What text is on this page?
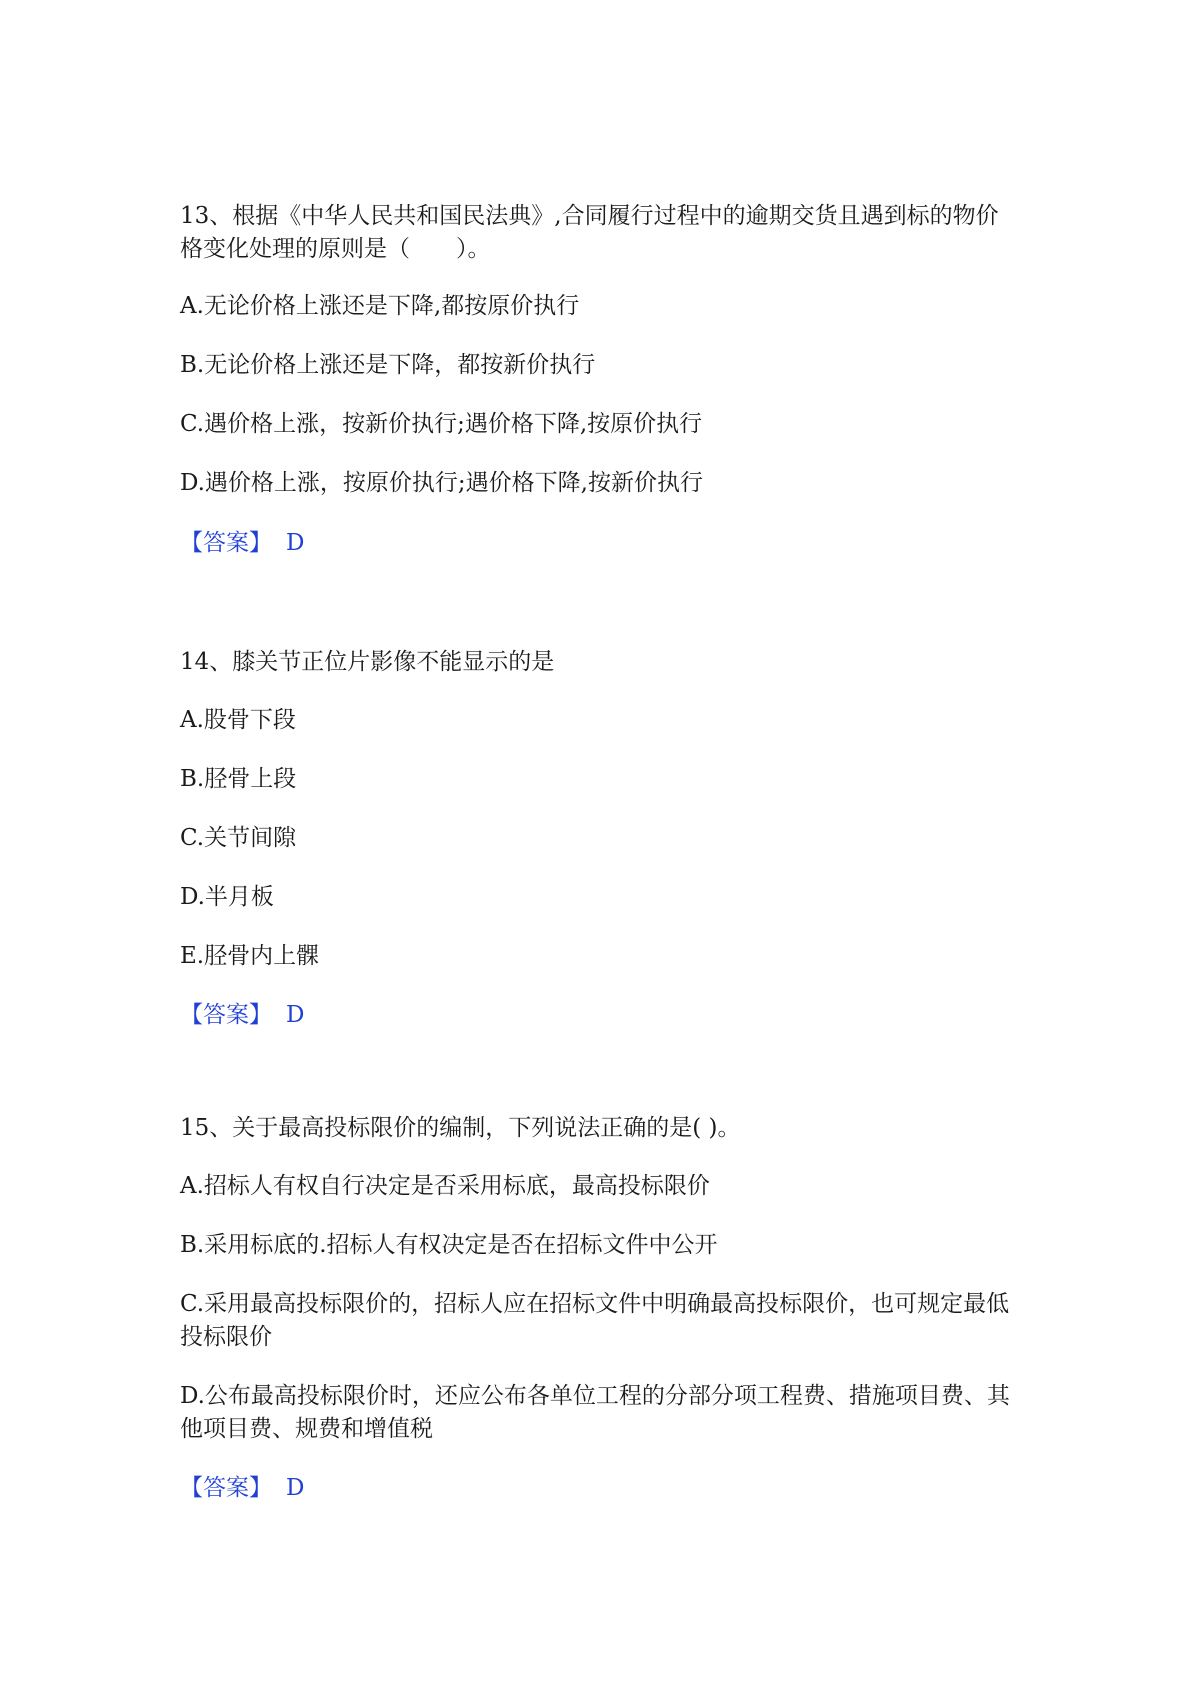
13、根据《中华人民共和国民法典》,合同履行过程中的逾期交货且遇到标的物价格变化处理的原则是（　　）。

A.无论价格上涨还是下降,都按原价执行

B.无论价格上涨还是下降，都按新价执行

C.遇价格上涨，按新价执行;遇价格下降,按原价执行

D.遇价格上涨，按原价执行;遇价格下降,按新价执行

【答案】 D

14、膝关节正位片影像不能显示的是

A.股骨下段

B.胫骨上段

C.关节间隙

D.半月板

E.胫骨内上髁

【答案】 D

15、关于最高投标限价的编制，下列说法正确的是( )。

A.招标人有权自行决定是否采用标底，最高投标限价

B.采用标底的.招标人有权决定是否在招标文件中公开

C.采用最高投标限价的，招标人应在招标文件中明确最高投标限价，也可规定最低投标限价

D.公布最高投标限价时，还应公布各单位工程的分部分项工程费、措施项目费、其他项目费、规费和增值税

【答案】 D
